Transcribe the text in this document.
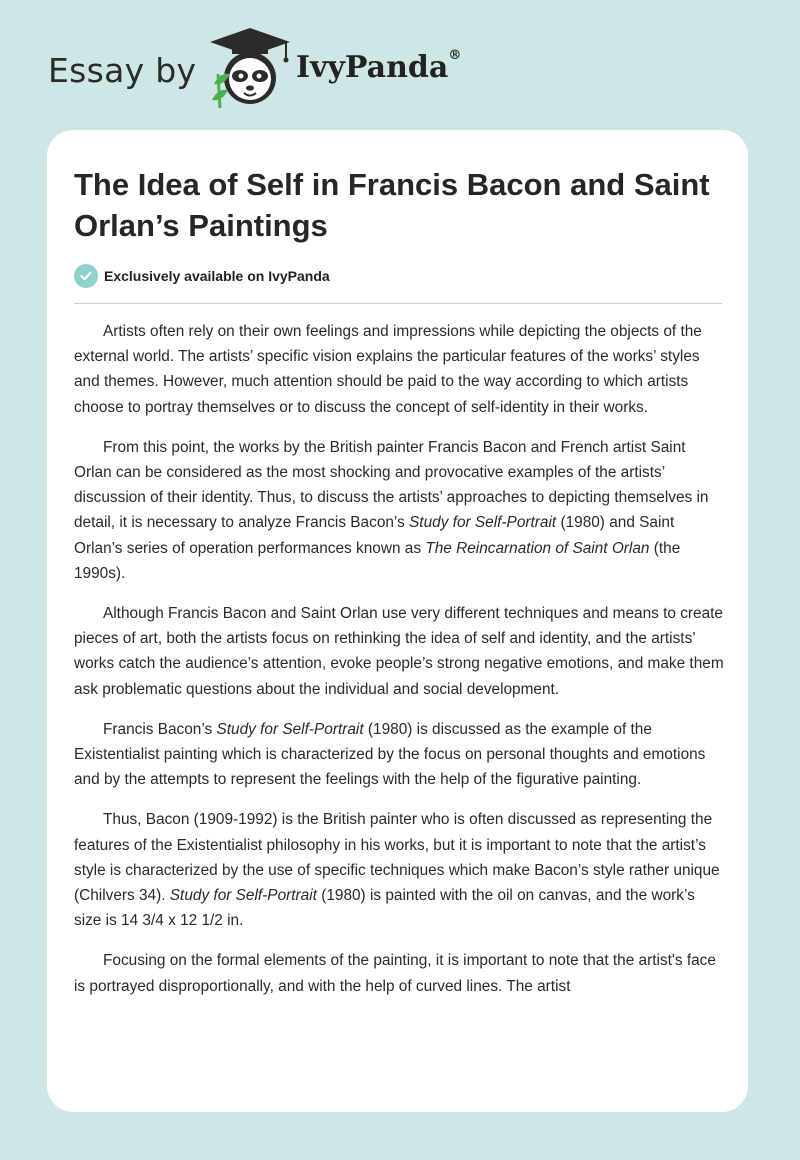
Essay by	IvyPanda®
The Idea of Self in Francis Bacon and Saint Orlan’s Paintings
Exclusively available on IvyPanda

Artists often rely on their own feelings and impressions while depicting the objects of the external world. The artists’ specific vision explains the particular features of the works’ styles and themes. However, much attention should be paid to the way according to which artists choose to portray themselves or to discuss the concept of self-identity in their works.

From this point, the works by the British painter Francis Bacon and French artist Saint Orlan can be considered as the most shocking and provocative examples of the artists’ discussion of their identity. Thus, to discuss the artists’ approaches to depicting themselves in detail, it is necessary to analyze Francis Bacon’s Study for Self-Portrait (1980) and Saint Orlan’s series of operation performances known as The Reincarnation of Saint Orlan (the 1990s).

Although Francis Bacon and Saint Orlan use very different techniques and means to create pieces of art, both the artists focus on rethinking the idea of self and identity, and the artists’ works catch the audience’s attention, evoke people’s strong negative emotions, and make them ask problematic questions about the individual and social development.

Francis Bacon’s Study for Self-Portrait (1980) is discussed as the example of the Existentialist painting which is characterized by the focus on personal thoughts and emotions and by the attempts to represent the feelings with the help of the figurative painting.

Thus, Bacon (1909-1992) is the British painter who is often discussed as representing the features of the Existentialist philosophy in his works, but it is important to note that the artist’s style is characterized by the use of specific techniques which make Bacon’s style rather unique (Chilvers 34). Study for Self-Portrait (1980) is painted with the oil on canvas, and the work’s size is 14 3/4 x 12 1/2 in.

Focusing on the formal elements of the painting, it is important to note that the artist's face is portrayed disproportionally, and with the help of curved lines. The artist
